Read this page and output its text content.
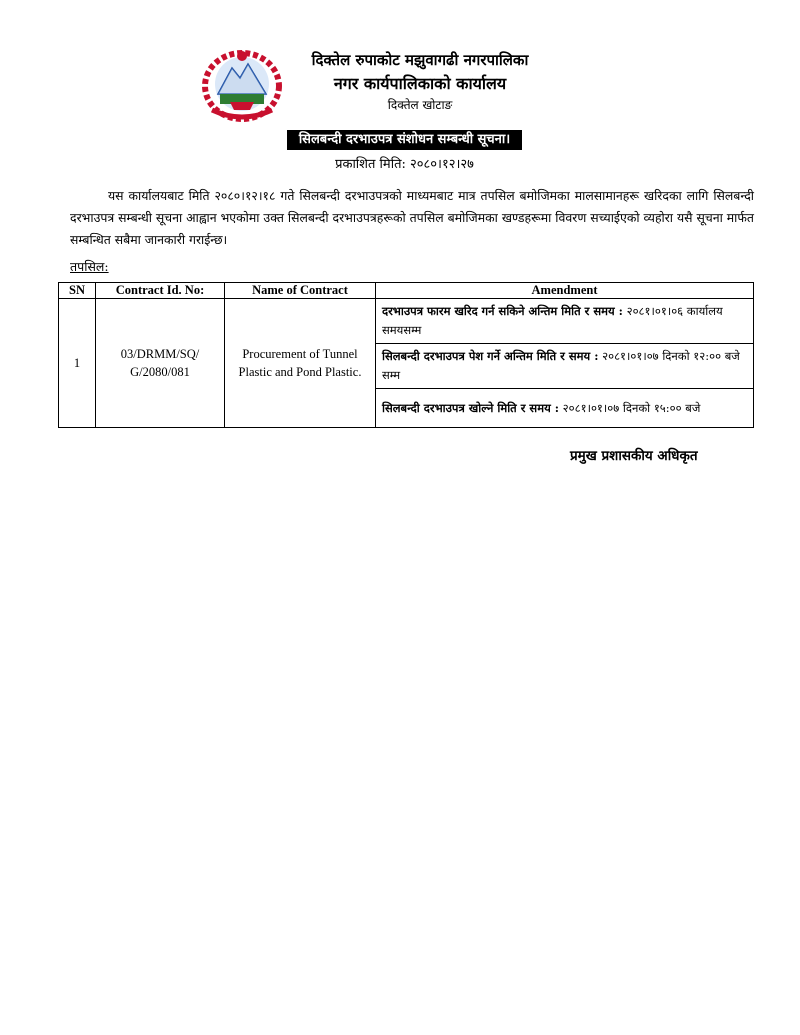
दिक्तेल रुपाकोट मझुवागढी नगरपालिका
नगर कार्यपालिकाको कार्यालय
दिक्तेल खोटाङ
सिलबन्दी दरभाउपत्र संशोधन सम्बन्धी सूचना।
प्रकाशित मिति: २०८०।१२।२७
यस कार्यालयबाट मिति २०८०।१२।१८ गते सिलबन्दी दरभाउपत्रको माध्यमबाट मात्र तपसिल बमोजिमका मालसामानहरू खरिदका लागि सिलबन्दी दरभाउपत्र सम्बन्धी सूचना आह्वान भएकोमा उक्त सिलबन्दी दरभाउपत्रहरूको तपसिल बमोजिमका खण्डहरूमा विवरण सच्याईएको व्यहोरा यसै सूचना मार्फत सम्बन्धित सबैमा जानकारी गराईन्छ।
तपसिल:
SN	Contract Id. No:	Name of Contract	Amendment
1	03/DRMM/SQ/ G/2080/081	Procurement of Tunnel Plastic and Pond Plastic.	दरभाउपत्र फारम खरिद गर्न सकिने अन्तिम मिति र समय : २०८१।०१।०६ कार्यालय समयसम्म
			सिलबन्दी दरभाउपत्र पेश गर्ने अन्तिम मिति र समय : २०८१।०१।०७ दिनको १२:०० बजे सम्म
			सिलबन्दी दरभाउपत्र खोल्ने मिति र समय : २०८१।०१।०७ दिनको १५:०० बजे
प्रमुख प्रशासकीय अधिकृत
